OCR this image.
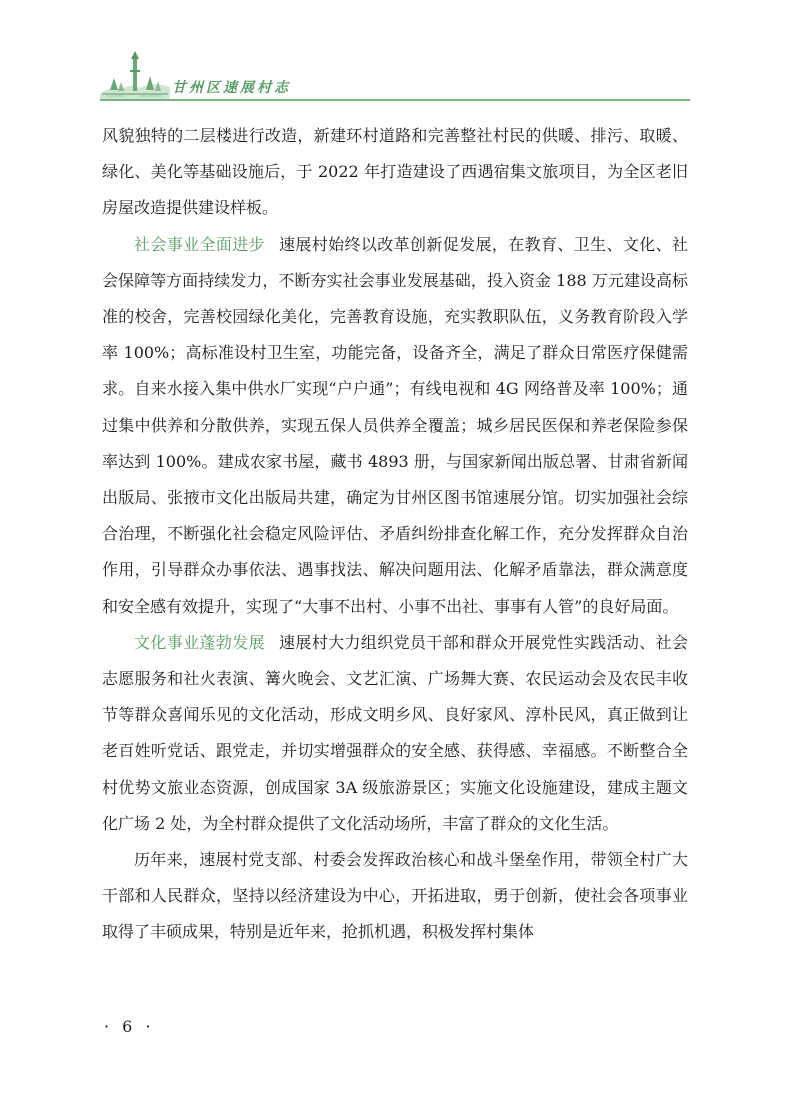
甘州区速展村志

风貌独特的二层楼进行改造，新建环村道路和完善整社村民的供暖、排污、取暖、绿化、美化等基础设施后，于 2022 年打造建设了西遇宿集文旅项目，为全区老旧房屋改造提供建设样板。

社会事业全面进步 速展村始终以改革创新促发展，在教育、卫生、文化、社会保障等方面持续发力，不断夯实社会事业发展基础，投入资金 188 万元建设高标准的校舍，完善校园绿化美化，完善教育设施，充实教职队伍，义务教育阶段入学率 100%；高标准设村卫生室，功能完备，设备齐全，满足了群众日常医疗保健需求。自来水接入集中供水厂实现“户户通”；有线电视和 4G 网络普及率 100%；通过集中供养和分散供养，实现五保人员供养全覆盖；城乡居民医保和养老保险参保率达到 100%。建成农家书屋，藏书 4893 册，与国家新闻出版总署、甘肃省新闻出版局、张掖市文化出版局共建，确定为甘州区图书馆速展分馆。切实加强社会综合治理，不断强化社会稳定风险评估、矛盾纠纷排查化解工作，充分发挥群众自治作用，引导群众办事依法、遇事找法、解决问题用法、化解矛盾靠法，群众满意度和安全感有效提升，实现了“大事不出村、小事不出社、事事有人管”的良好局面。

文化事业蓬勃发展 速展村大力组织党员干部和群众开展党性实践活动、社会志愿服务和社火表演、篝火晚会、文艺汇演、广场舞大赛、农民运动会及农民丰收节等群众喜闻乐见的文化活动，形成文明乡风、良好家风、淳朴民风，真正做到让老百姓听党话、跟党走，并切实增强群众的安全感、获得感、幸福感。不断整合全村优势文旅业态资源，创成国家 3A 级旅游景区；实施文化设施建设，建成主题文化广场 2 处，为全村群众提供了文化活动场所，丰富了群众的文化生活。

历年来，速展村党支部、村委会发挥政治核心和战斗堡垒作用，带领全村广大干部和人民群众，坚持以经济建设为中心，开拓进取，勇于创新，使社会各项事业取得了丰硕成果，特别是近年来，抢抓机遇，积极发挥村集体

· 6 ·
